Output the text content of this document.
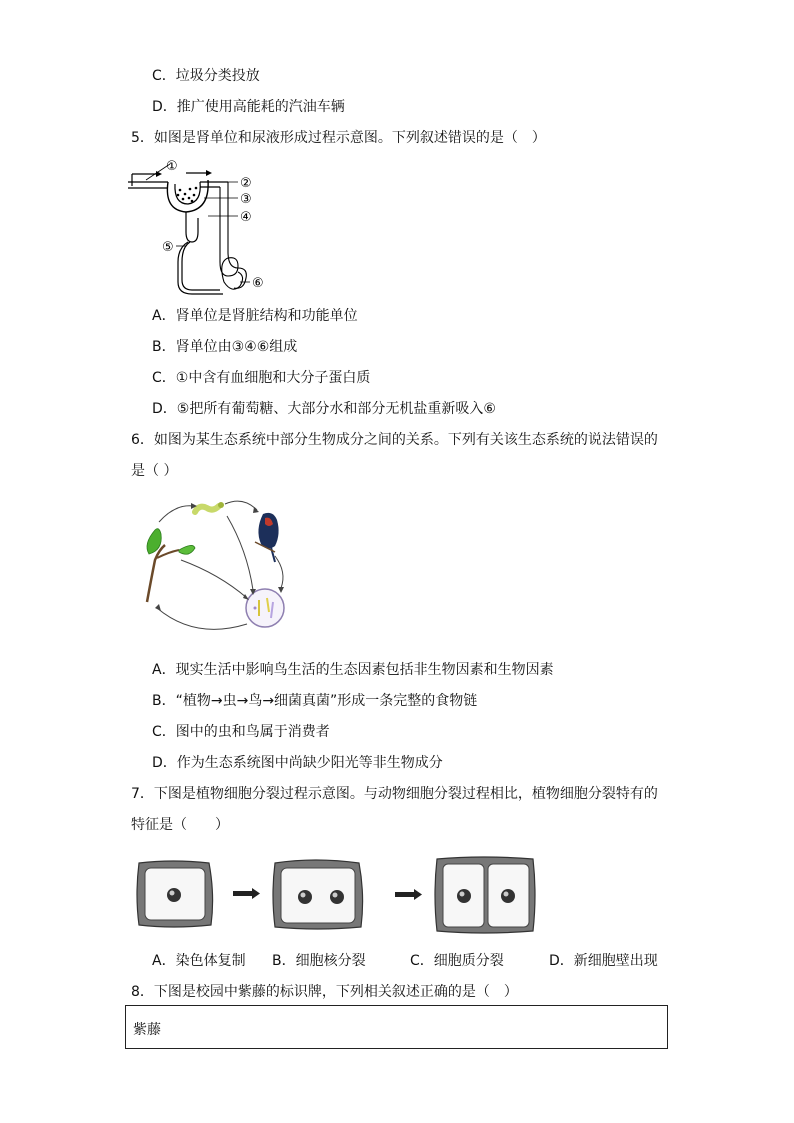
C．垃圾分类投放
D．推广使用高能耗的汽油车辆
5．如图是肾单位和尿液形成过程示意图。下列叙述错误的是（　）
①
②
③
④
⑤
⑥
A．肾单位是肾脏结构和功能单位
B．肾单位由③④⑥组成
C．①中含有血细胞和大分子蛋白质
D．⑤把所有葡萄糖、大部分水和部分无机盐重新吸入⑥
6．如图为某生态系统中部分生物成分之间的关系。下列有关该生态系统的说法错误的
是（ ）
A．现实生活中影响鸟生活的生态因素包括非生物因素和生物因素
B．“植物→虫→鸟→细菌真菌”形成一条完整的食物链
C．图中的虫和鸟属于消费者
D．作为生态系统图中尚缺少阳光等非生物成分
7．下图是植物细胞分裂过程示意图。与动物细胞分裂过程相比，植物细胞分裂特有的
特征是（　　）
A．染色体复制 B．细胞核分裂	C．细胞质分裂	D．新细胞壁出现
8．下图是校园中紫藤的标识牌，下列相关叙述正确的是（　）
紫藤
